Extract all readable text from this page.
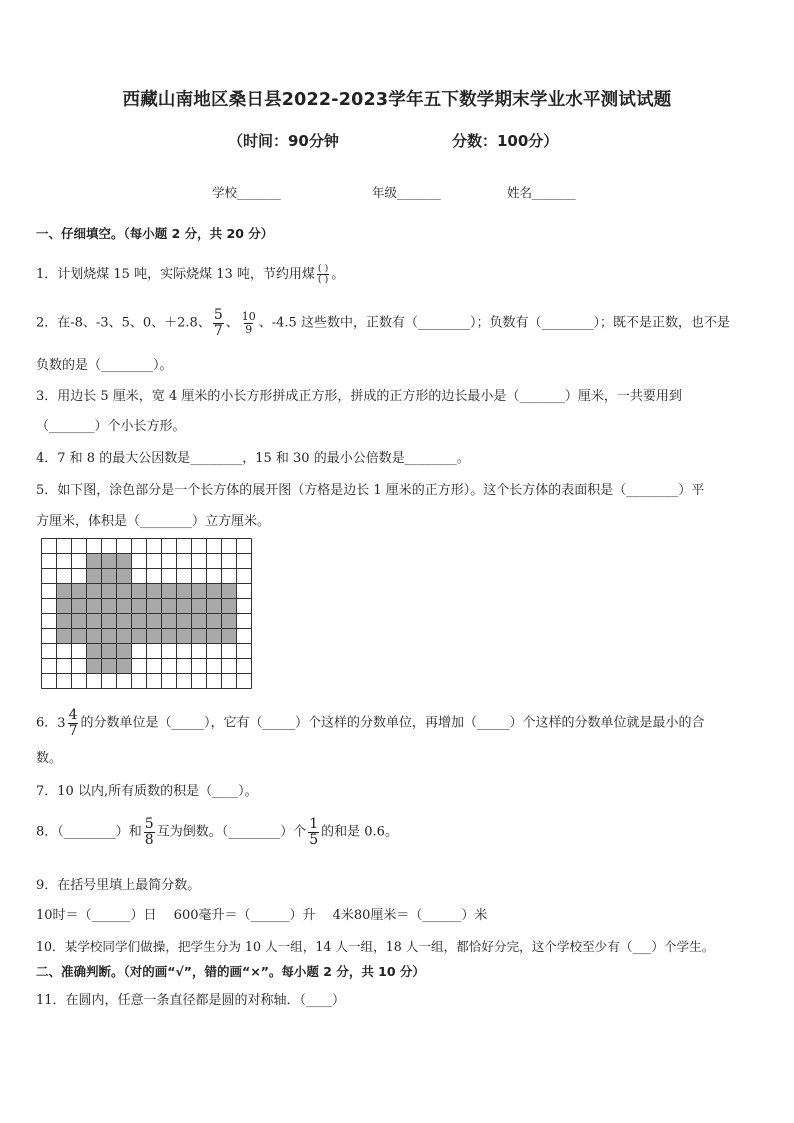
西藏山南地区桑日县2022-2023学年五下数学期末学业水平测试试题
（时间：90分钟	分数：100分）
学校_______	年级_______	姓名_______
一、仔细填空。（每小题 2 分，共 20 分）
1．计划烧煤 15 吨，实际烧煤 13 吨，节约用煤 $\frac{( )}{( )}$ 。
2．在-8、-3、5、0、＋2.8、 $\frac{5}{7}$ 、 $\frac{10}{9}$ 、-4.5 这些数中，正数有（________）；负数有（________）；既不是正数，也不是
负数的是（________）。
3．用边长 5 厘米，宽 4 厘米的小长方形拼成正方形，拼成的正方形的边长最小是（_______）厘米，一共要用到
（_______）个小长方形。
4．7 和 8 的最大公因数是________，15 和 30 的最小公倍数是________。
5．如下图，涂色部分是一个长方体的展开图（方格是边长 1 厘米的正方形）。这个长方体的表面积是（________）平
方厘米，体积是（________）立方厘米。
6． $3 \frac{4}{7}$ 的分数单位是（_____），它有（_____）个这样的分数单位，再增加（_____）个这样的分数单位就是最小的合
数。
7．10 以内,所有质数的积是（____）。
8．（________）和 $\frac{5}{8}$ 互为倒数。（________）个 $\frac{1}{5}$ 的和是 0.6。
9．在括号里填上最简分数。
10时＝（______）日　 600毫升＝（______）升　 4米80厘米＝（______）米
10．某学校同学们做操，把学生分为 10 人一组，14 人一组，18 人一组，都恰好分完，这个学校至少有（___）个学生。
二、准确判断。（对的画“√”，错的画“×”。每小题 2 分，共 10 分）
11．在圆内，任意一条直径都是圆的对称轴．（____）
